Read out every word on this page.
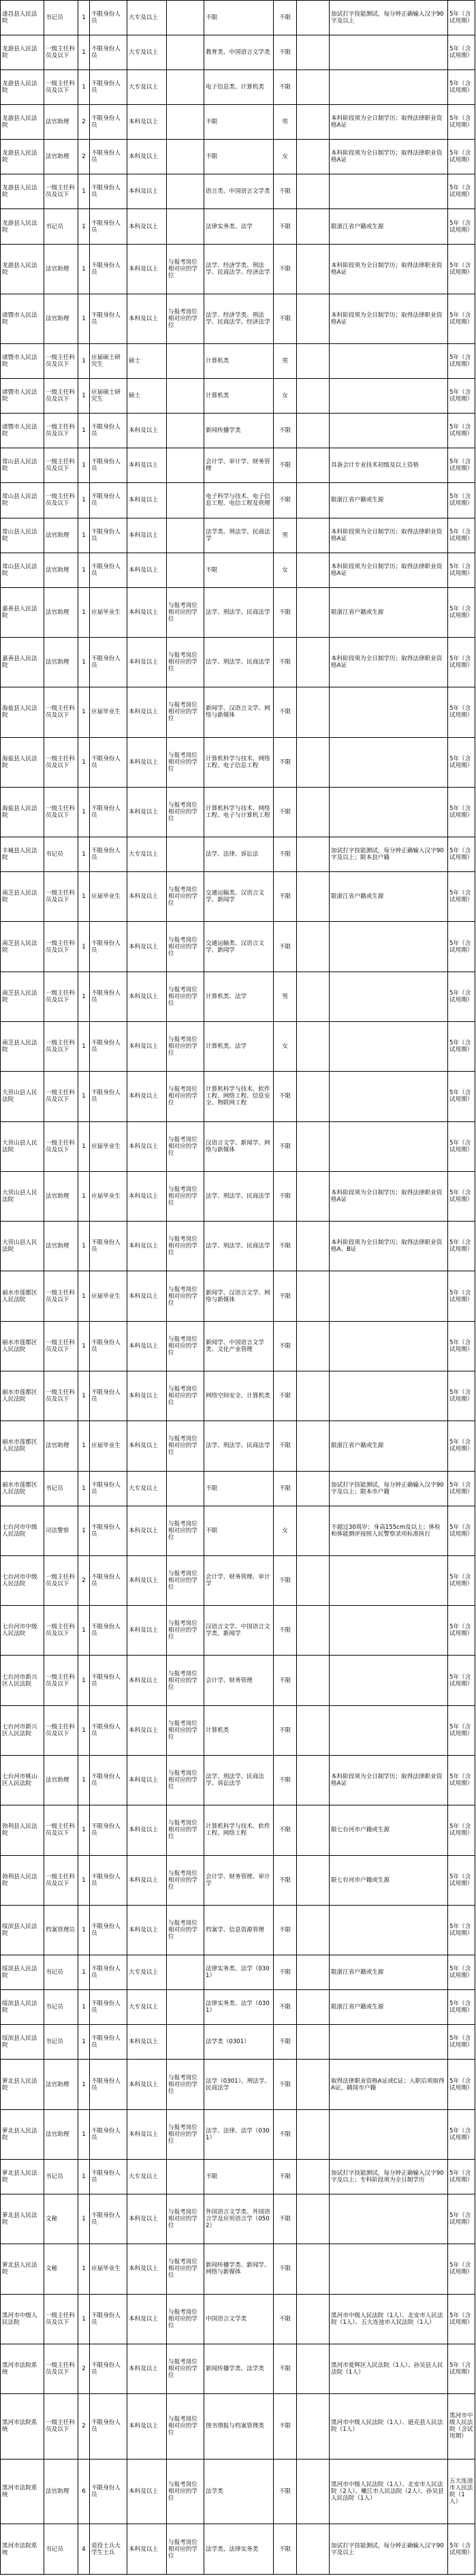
遂昌县人民法院	书记员	1	不限身份人员	大专及以上		不限	不限		加试打字技能测试，每分钟正确输入汉字90字及以上	5年（含试用期）
龙游县人民法院	一级主任科员及以下	1	不限身份人员	大专及以上		教育类、中国语言文学类	不限			5年（含试用期）
龙游县人民法院	一级主任科员及以下	1	不限身份人员	大专及以上		电子信息类、计算机类	不限			5年（含试用期）
龙游县人民法院	法官助理	2	不限身份人员	本科及以上		不限	男		本科阶段须为全日制学历；取得法律职业资格A证	5年（含试用期）
龙游县人民法院	法官助理	2	不限身份人员	本科及以上		不限	女		本科阶段须为全日制学历；取得法律职业资格A证	5年（含试用期）
龙游县人民法院	一级主任科员及以下	1	不限身份人员	本科及以上		语言类、中国语言文学类	不限			5年（含试用期）
龙游县人民法院	书记员	1	不限身份人员	本科及以上		法律实务类、法学	不限		限浙江省户籍或生源	5年（含试用期）
龙游县人民法院	法官助理	1	不限身份人员	本科及以上	与报考岗位相对应的学位	法学、经济学类、刑法学、民商法学、经济法学	不限		本科阶段须为全日制学历；取得法律职业资格A证	5年（含试用期）
诸暨市人民法院	法官助理	1	不限身份人员	本科及以上	与报考岗位相对应的学位	法学、经济学类、刑法学、民商法学、经济法学	不限		本科阶段须为全日制学历；取得法律职业资格A证	5年（含试用期）
诸暨市人民法院	一级主任科员及以下	1	应届硕士研究生	硕士		计算机类	男			5年（含试用期）
诸暨市人民法院	一级主任科员及以下	1	应届硕士研究生	硕士		计算机类	女			5年（含试用期）
诸暨市人民法院	一级主任科员及以下	1	不限身份人员	本科及以上		新闻传播学类	不限			5年（含试用期）
常山县人民法院	一级主任科员及以下	1	不限身份人员	本科及以上		会计学、审计学、财务管理	不限		具备会计专业技术初级及以上资格	5年（含试用期）
常山县人民法院	一级主任科员及以下	1	不限身份人员	本科及以上		电子科学与技术、电子信息工程、电信工程及管理	不限		限浙江省户籍或生源	5年（含试用期）
常山县人民法院	法官助理	1	不限身份人员	本科及以上		法学类、刑法学、民商法学	男		本科阶段须为全日制学历；取得法律职业资格A证	5年（含试用期）
常山县人民法院	法官助理	1	不限身份人员	本科及以上		不限	女		本科阶段须为全日制学历；取得法律职业资格A证	5年（含试用期）
嘉善县人民法院	法官助理	1	应届毕业生	本科及以上	与报考岗位相对应的学位	法学、刑法学、民商法学	不限		限浙江省户籍或生源	5年（含试用期）
嘉善县人民法院	法官助理	1	不限身份人员	本科及以上	与报考岗位相对应的学位	法学、刑法学、民商法学	不限		本科阶段须为全日制学历；取得法律职业资格A证	5年（含试用期）
海盐县人民法院	一级主任科员及以下	1	应届毕业生	本科及以上	与报考岗位相对应的学位	新闻学、汉语言文学、网络与新媒体	不限			5年（含试用期）
海盐县人民法院	一级主任科员及以下	1	不限身份人员	本科及以上	与报考岗位相对应的学位	计算机科学与技术、网络工程、电子信息工程	不限			5年（含试用期）
海盐县人民法院	一级主任科员及以下	1	不限身份人员	本科及以上	与报考岗位相对应的学位	计算机科学与技术、网络工程、电子与计算机工程	不限			5年（含试用期）
丰城县人民法院	书记员	1	不限身份人员	大专及以上		法学、法律、诉讼法	不限		加试打字技能测试，每分钟正确输入汉字90字及以上；限本县户籍	5年（含试用期）
南芝县人民法院	一级主任科员及以下	1	应届毕业生	本科及以上	与报考岗位相对应的学位	交通运输类、汉语言文学、新闻学	不限		限浙江省户籍或生源	5年（含试用期）
南芝县人民法院	一级主任科员及以下	1	不限身份人员	本科及以上	与报考岗位相对应的学位	交通运输类、汉语言文学、新闻学	不限			5年（含试用期）
南芝县人民法院	一级主任科员及以下	1	不限身份人员	本科及以上	与报考岗位相对应的学位	计算机类、法学	男			5年（含试用期）
南芝县人民法院	一级主任科员及以下	1	不限身份人员	本科及以上	与报考岗位相对应的学位	计算机类、法学	女			5年（含试用期）
大营山县人民法院	一级主任科员及以下	1	不限身份人员	本科及以上	与报考岗位相对应的学位	计算机科学与技术、软件工程、网络工程、信息安全、物联网工程	不限			5年（含试用期）
大营山县人民法院	一级主任科员及以下	1	应届毕业生	本科及以上	与报考岗位相对应的学位	汉语言文学、新闻学、网络与新媒体	不限			5年（含试用期）
大营山县人民法院	法官助理	1	应届毕业生	本科及以上	与报考岗位相对应的学位	法学、刑法学、民商法学	不限		本科阶段须为全日制学历；取得法律职业资格A证	5年（含试用期）
大营山县人民法院	法官助理	1	不限身份人员	本科及以上	与报考岗位相对应的学位	法学、刑法学、民商法学	不限		本科阶段须为全日制学历；取得法律职业资格A、B证	5年（含试用期）
丽水市莲都区人民法院	一级主任科员及以下	1	应届毕业生	本科及以上	与报考岗位相对应的学位	新闻学、汉语言文学、网络与新媒体	不限			5年（含试用期）
丽水市莲都区人民法院	一级主任科员及以下	1	不限身份人员	本科及以上	与报考岗位相对应的学位	新闻学、中国语言文学类、文化产业管理	不限			5年（含试用期）
丽水市莲都区人民法院	一级主任科员及以下	1	不限身份人员	本科及以上	与报考岗位相对应的学位	网络空间安全、计算机类	不限			5年（含试用期）
丽水市莲都区人民法院	法官助理	1	应届毕业生	本科及以上	与报考岗位相对应的学位	法学、刑法学、民商法学	不限		限浙江省户籍或生源	5年（含试用期）
丽水市莲都区人民法院	书记员	1	不限身份人员	大专及以上		不限	不限		加试打字技能测试，每分钟正确输入汉字90字及以上；限本市户籍	5年（含试用期）
七台河市中级人民法院	司法警察	1	不限身份人员	本科及以上	与报考岗位相对应的学位	不限	女		不超过30周岁；身高155cm及以上；体检和体能测评按照人民警察录用标准执行	5年（含试用期）
七台河市中级人民法院	一级主任科员及以下	2	不限身份人员	本科及以上	与报考岗位相对应的学位	会计学、财务管理、审计学	不限			5年（含试用期）
七台河市中级人民法院	一级主任科员及以下	1	不限身份人员	本科及以上	与报考岗位相对应的学位	汉语言文学、中国语言文学类、新闻学	不限			5年（含试用期）
七台河市新兴区人民法院	一级主任科员及以下	1	不限身份人员	本科及以上	与报考岗位相对应的学位	会计学、财务管理	不限			5年（含试用期）
七台河市新兴区人民法院	一级主任科员及以下	1	不限身份人员	本科及以上	与报考岗位相对应的学位	计算机类	不限			5年（含试用期）
七台河市桃山区人民法院	法官助理	1	不限身份人员	本科及以上	与报考岗位相对应的学位	法学、刑法学、民商法学、诉讼法学	不限		本科阶段须为全日制学历；取得法律职业资格A证	5年（含试用期）
勃利县人民法院	一级主任科员及以下	1	不限身份人员	本科及以上	与报考岗位相对应的学位	计算机科学与技术、软件工程、网络工程	不限		限七台河市户籍或生源	5年（含试用期）
勃利县人民法院	一级主任科员及以下	1	不限身份人员	本科及以上	与报考岗位相对应的学位	会计学、财务管理、审计学	不限		限七台河市户籍或生源	5年（含试用期）
绥滨县人民法院	档案管理员	1	不限身份人员	本科及以上	与报考岗位相对应的学位	档案学、信息资源管理	不限			5年（含试用期）
绥滨县人民法院	书记员	1	不限身份人员	大专及以上		法律实务类、法学（0301）	不限		限浙江省户籍或生源	5年（含试用期）
绥滨县人民法院	书记员	1	不限身份人员	大专及以上		法律实务类、法学（0301）	不限		限浙江省户籍或生源	5年（含试用期）
绥滨县人民法院	书记员	1	不限身份人员	本科及以上		法学类（0301）	不限			5年（含试用期）
萝北县人民法院	法官助理	1	不限身份人员	本科及以上	与报考岗位相对应的学位	法学（0301）、刑法学、民商法学	不限		取得法律职业资格A证或C证；入职后须取得A证，鹤岗市户籍	5年（含试用期）
萝北县人民法院	法官助理	1	不限身份人员	本科及以上	与报考岗位相对应的学位	法学、法律、法学（0301）	不限			5年（含试用期）
萝北县人民法院	书记员	1	不限身份人员	大专及以上		不限	不限		加试打字技能测试，每分钟正确输入汉字90字及以上；专科阶段须为全日制学历	5年（含试用期）
萝北县人民法院	文秘	1	不限身份人员	本科及以上	与报考岗位相对应的学位	外国语言文学类、外国语言学及应用语言学（0502）	不限			5年（含试用期）
萝北县人民法院	文秘	1	应届毕业生	本科及以上	与报考岗位相对应的学位	新闻传播学类、新闻学、网络与新媒体	不限			5年（含试用期）
黑河市中级人民法院	一级主任科员及以下	1	不限身份人员	本科及以上	与报考岗位相对应的学位	中国语言文学类	不限		黑河市中级人民法院（1人）、北安市人民法院（1人）、五大连池市人民法院（1人）	5年（含试用期）
黑河市法院系统	一级主任科员及以下	2	不限身份人员	本科及以上	与报考岗位相对应的学位	新闻传播学类、法学类	不限		黑河市爱辉区人民法院（1人）、孙吴县人民法院（1人）	5年（含试用期）
黑河市法院系统	一级主任科员及以下	2	不限身份人员	本科及以上	与报考岗位相对应的学位	图书情报与档案管理类	不限		黑河市中级人民法院（1人）、逊克县人民法院（1人）	黑河市中级人民法院（含试用期）
黑河市法院系统	法官助理	6	不限身份人员	本科及以上	与报考岗位相对应的学位	法学类	不限		黑河市中级人民法院（1人）、北安市人民法院（2人）、嫩江市人民法院（2人）、孙吴县人民法院（1人）	五大连池市人民法院（1人）
黑河市法院系统	书记员	4	退役士兵大学生士兵	本科及以上	与报考岗位相对应的学位	法学类、法律实务类	不限		加试打字技能测试，每分钟正确输入汉字90字及以上	5年（含试用期）
